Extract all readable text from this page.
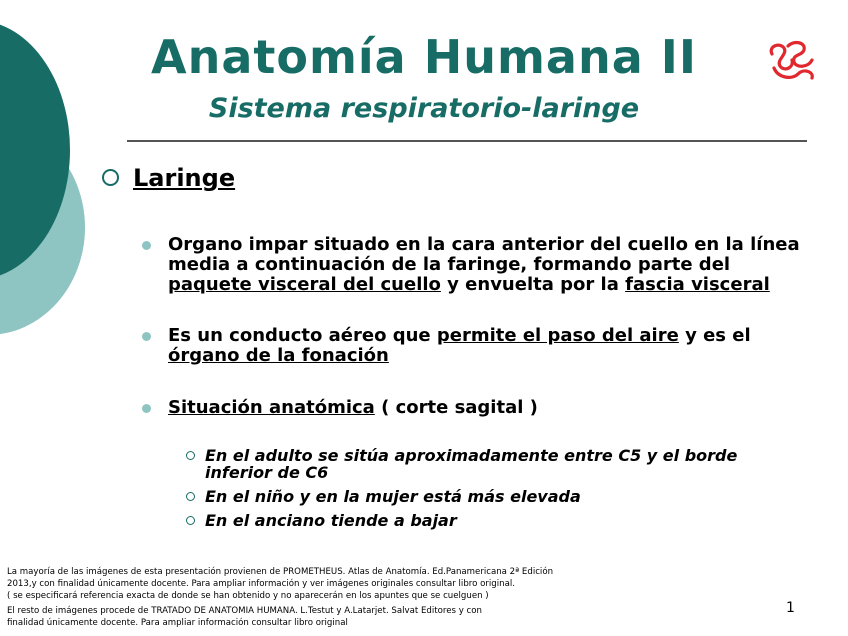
Anatomía Humana II
Sistema respiratorio-laringe
Laringe
Organo impar situado en la cara anterior del cuello en la línea media a continuación de la faringe, formando parte del paquete visceral del cuello y envuelta por la fascia visceral
Es un conducto aéreo que permite el paso del aire y es el órgano de la fonación
Situación anatómica ( corte sagital )
En el adulto se sitúa aproximadamente entre C5 y el borde inferior de C6
En el niño y en la mujer está más elevada
En el anciano tiende a bajar
La mayoría de las imágenes de esta presentación provienen de PROMETHEUS. Atlas de Anatomía. Ed.Panamericana 2ª Edición
2013,y con finalidad únicamente docente. Para ampliar información y ver imágenes originales consultar libro original.
( se especificará referencia exacta de donde se han obtenido y no aparecerán en los apuntes que se cuelguen )
El resto de imágenes procede de TRATADO DE ANATOMIA HUMANA. L.Testut y A.Latarjet. Salvat Editores y con
finalidad únicamente docente. Para ampliar información consultar libro original
1
